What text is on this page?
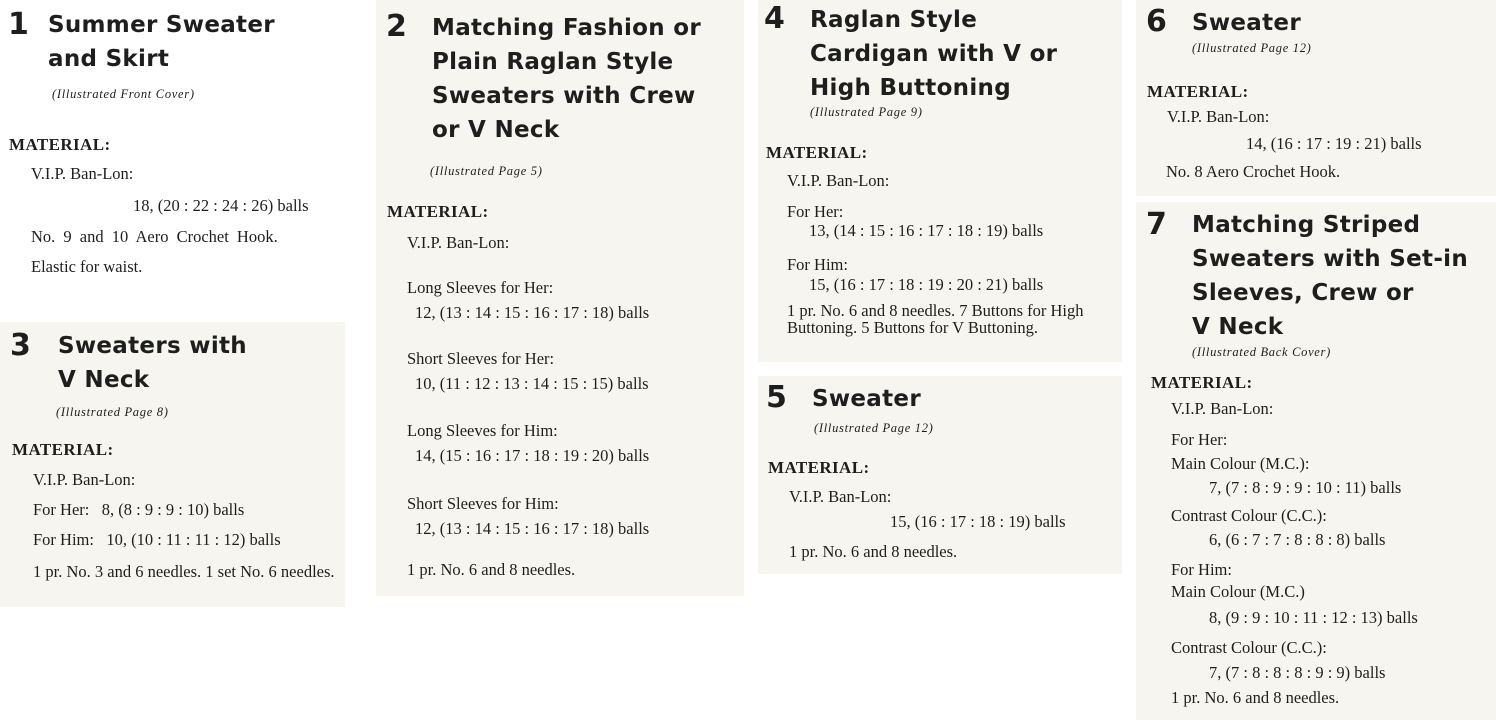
1 Summer Sweater
and Skirt
(Illustrated Front Cover)
MATERIAL:
V.I.P. Ban-Lon:
18, (20 : 22 : 24 : 26) balls
No. 9 and 10 Aero Crochet Hook.
Elastic for waist.
3 Sweaters with
V Neck
(Illustrated Page 8)
MATERIAL:
V.I.P. Ban-Lon:
For Her:   8, (8 : 9 : 9 : 10) balls
For Him:   10, (10 : 11 : 11 : 12) balls
1 pr. No. 3 and 6 needles. 1 set No. 6 needles.
2 Matching Fashion or
Plain Raglan Style
Sweaters with Crew
or V Neck
(Illustrated Page 5)
MATERIAL:
V.I.P. Ban-Lon:
Long Sleeves for Her:
12, (13 : 14 : 15 : 16 : 17 : 18) balls
Short Sleeves for Her:
10, (11 : 12 : 13 : 14 : 15 : 15) balls
Long Sleeves for Him:
14, (15 : 16 : 17 : 18 : 19 : 20) balls
Short Sleeves for Him:
12, (13 : 14 : 15 : 16 : 17 : 18) balls
1 pr. No. 6 and 8 needles.
4 Raglan Style
Cardigan with V or
High Buttoning
(Illustrated Page 9)
MATERIAL:
V.I.P. Ban-Lon:
For Her:
13, (14 : 15 : 16 : 17 : 18 : 19) balls
For Him:
15, (16 : 17 : 18 : 19 : 20 : 21) balls
1 pr. No. 6 and 8 needles. 7 Buttons for High Buttoning. 5 Buttons for V Buttoning.
5 Sweater
(Illustrated Page 12)
MATERIAL:
V.I.P. Ban-Lon:
15, (16 : 17 : 18 : 19) balls
1 pr. No. 6 and 8 needles.
6 Sweater
(Illustrated Page 12)
MATERIAL:
V.I.P. Ban-Lon:
14, (16 : 17 : 19 : 21) balls
No. 8 Aero Crochet Hook.
7 Matching Striped
Sweaters with Set-in
Sleeves, Crew or
V Neck
(Illustrated Back Cover)
MATERIAL:
V.I.P. Ban-Lon:
For Her:
Main Colour (M.C.):
7, (7 : 8 : 9 : 9 : 10 : 11) balls
Contrast Colour (C.C.):
6, (6 : 7 : 7 : 8 : 8 : 8) balls
For Him:
Main Colour (M.C.)
8, (9 : 9 : 10 : 11 : 12 : 13) balls
Contrast Colour (C.C.):
7, (7 : 8 : 8 : 8 : 9 : 9) balls
1 pr. No. 6 and 8 needles.
